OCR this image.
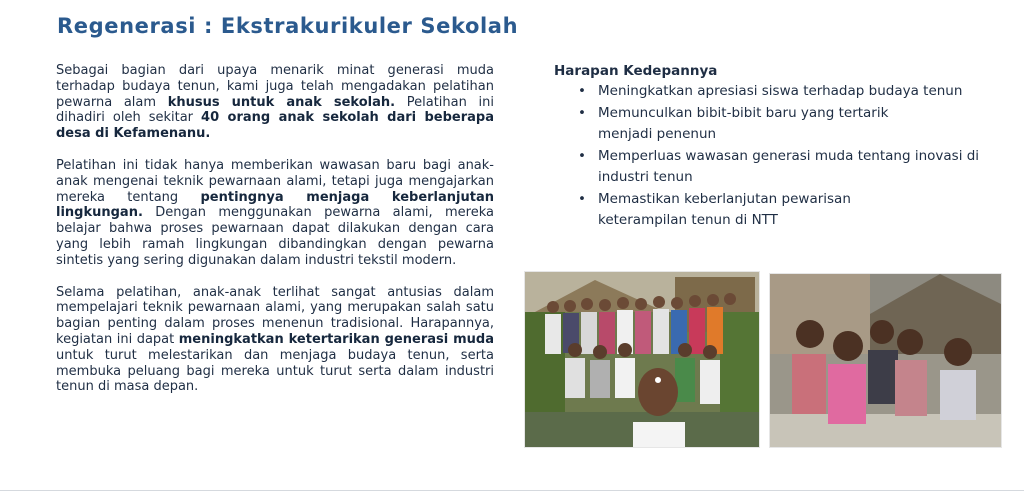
Regenerasi : Ekstrakurikuler Sekolah

Sebagai bagian dari upaya menarik minat generasi muda terhadap budaya tenun, kami juga telah mengadakan pelatihan pewarna alam khusus untuk anak sekolah. Pelatihan ini dihadiri oleh sekitar 40 orang anak sekolah dari beberapa desa di Kefamenanu.

Pelatihan ini tidak hanya memberikan wawasan baru bagi anak-anak mengenai teknik pewarnaan alami, tetapi juga mengajarkan mereka tentang pentingnya menjaga keberlanjutan lingkungan. Dengan menggunakan pewarna alami, mereka belajar bahwa proses pewarnaan dapat dilakukan dengan cara yang lebih ramah lingkungan dibandingkan dengan pewarna sintetis yang sering digunakan dalam industri tekstil modern.

Selama pelatihan, anak-anak terlihat sangat antusias dalam mempelajari teknik pewarnaan alami, yang merupakan salah satu bagian penting dalam proses menenun tradisional. Harapannya, kegiatan ini dapat meningkatkan ketertarikan generasi muda untuk turut melestarikan dan menjaga budaya tenun, serta membuka peluang bagi mereka untuk turut serta dalam industri tenun di masa depan.

Harapan Kedepannya
• Meningkatkan apresiasi siswa terhadap budaya tenun
• Memunculkan bibit-bibit baru yang tertarik menjadi penenun
• Memperluas wawasan generasi muda tentang inovasi di industri tenun
• Memastikan keberlanjutan pewarisan keterampilan tenun di NTT
